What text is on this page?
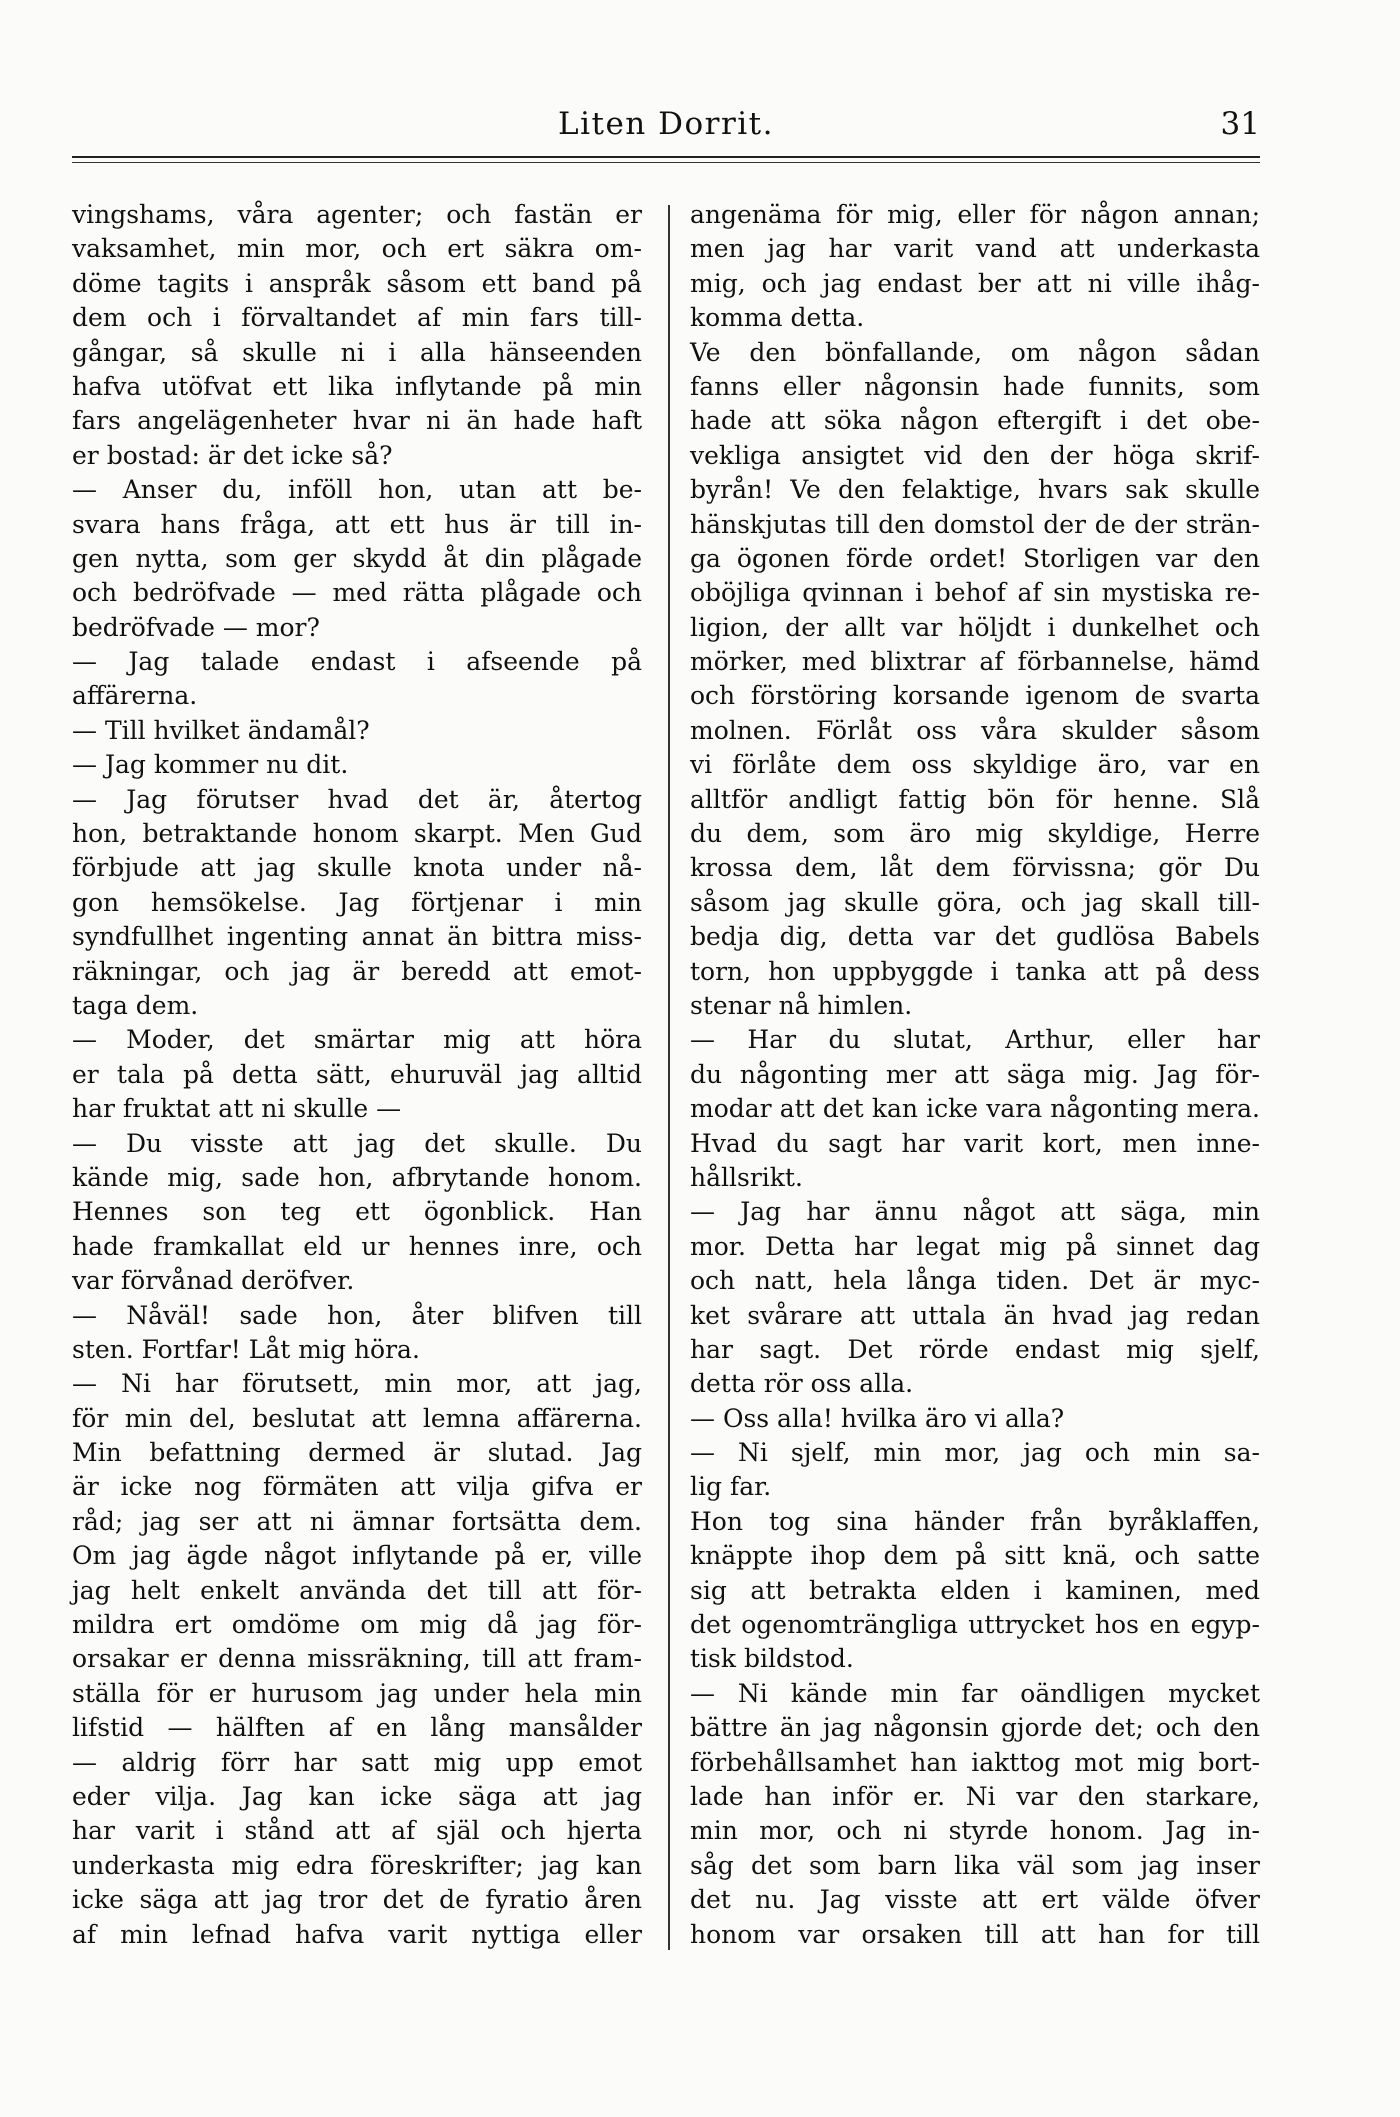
Liten Dorrit.	31
vingshams, våra agenter; och fastän er
vaksamhet, min mor, och ert säkra om-
döme tagits i anspråk såsom ett band på
dem och i förvaltandet af min fars till-
gångar, så skulle ni i alla hänseenden
hafva utöfvat ett lika inflytande på min
fars angelägenheter hvar ni än hade haft
er bostad: är det icke så?
— Anser du, inföll hon, utan att be-
svara hans fråga, att ett hus är till in-
gen nytta, som ger skydd åt din plågade
och bedröfvade — med rätta plågade och
bedröfvade — mor?
— Jag talade endast i afseende på
affärerna.
— Till hvilket ändamål?
— Jag kommer nu dit.
— Jag förutser hvad det är, återtog
hon, betraktande honom skarpt. Men Gud
förbjude att jag skulle knota under nå-
gon hemsökelse. Jag förtjenar i min
syndfullhet ingenting annat än bittra miss-
räkningar, och jag är beredd att emot-
taga dem.
— Moder, det smärtar mig att höra
er tala på detta sätt, ehuruväl jag alltid
har fruktat att ni skulle —
— Du visste att jag det skulle. Du
kände mig, sade hon, afbrytande honom.
Hennes son teg ett ögonblick. Han
hade framkallat eld ur hennes inre, och
var förvånad deröfver.
— Nåväl! sade hon, åter blifven till
sten. Fortfar! Låt mig höra.
— Ni har förutsett, min mor, att jag,
för min del, beslutat att lemna affärerna.
Min befattning dermed är slutad. Jag
är icke nog förmäten att vilja gifva er
råd; jag ser att ni ämnar fortsätta dem.
Om jag ägde något inflytande på er, ville
jag helt enkelt använda det till att för-
mildra ert omdöme om mig då jag för-
orsakar er denna missräkning, till att fram-
ställa för er hurusom jag under hela min
lifstid — hälften af en lång mansålder
— aldrig förr har satt mig upp emot
eder vilja. Jag kan icke säga att jag
har varit i stånd att af själ och hjerta
underkasta mig edra föreskrifter; jag kan
icke säga att jag tror det de fyratio åren
af min lefnad hafva varit nyttiga eller
angenäma för mig, eller för någon annan;
men jag har varit vand att underkasta
mig, och jag endast ber att ni ville ihåg-
komma detta.
Ve den bönfallande, om någon sådan
fanns eller någonsin hade funnits, som
hade att söka någon eftergift i det obe-
vekliga ansigtet vid den der höga skrif-
byrån! Ve den felaktige, hvars sak skulle
hänskjutas till den domstol der de der strän-
ga ögonen förde ordet! Storligen var den
oböjliga qvinnan i behof af sin mystiska re-
ligion, der allt var höljdt i dunkelhet och
mörker, med blixtrar af förbannelse, hämd
och förstöring korsande igenom de svarta
molnen. Förlåt oss våra skulder såsom
vi förlåte dem oss skyldige äro, var en
alltför andligt fattig bön för henne. Slå
du dem, som äro mig skyldige, Herre
krossa dem, låt dem förvissna; gör Du
såsom jag skulle göra, och jag skall till-
bedja dig, detta var det gudlösa Babels
torn, hon uppbyggde i tanka att på dess
stenar nå himlen.
— Har du slutat, Arthur, eller har
du någonting mer att säga mig. Jag för-
modar att det kan icke vara någonting mera.
Hvad du sagt har varit kort, men inne-
hållsrikt.
— Jag har ännu något att säga, min
mor. Detta har legat mig på sinnet dag
och natt, hela långa tiden. Det är myc-
ket svårare att uttala än hvad jag redan
har sagt. Det rörde endast mig sjelf,
detta rör oss alla.
— Oss alla! hvilka äro vi alla?
— Ni sjelf, min mor, jag och min sa-
lig far.
Hon tog sina händer från byråklaffen,
knäppte ihop dem på sitt knä, och satte
sig att betrakta elden i kaminen, med
det ogenomträngliga uttrycket hos en egyp-
tisk bildstod.
— Ni kände min far oändligen mycket
bättre än jag någonsin gjorde det; och den
förbehållsamhet han iakttog mot mig bort-
lade han inför er. Ni var den starkare,
min mor, och ni styrde honom. Jag in-
såg det som barn lika väl som jag inser
det nu. Jag visste att ert välde öfver
honom var orsaken till att han for till
